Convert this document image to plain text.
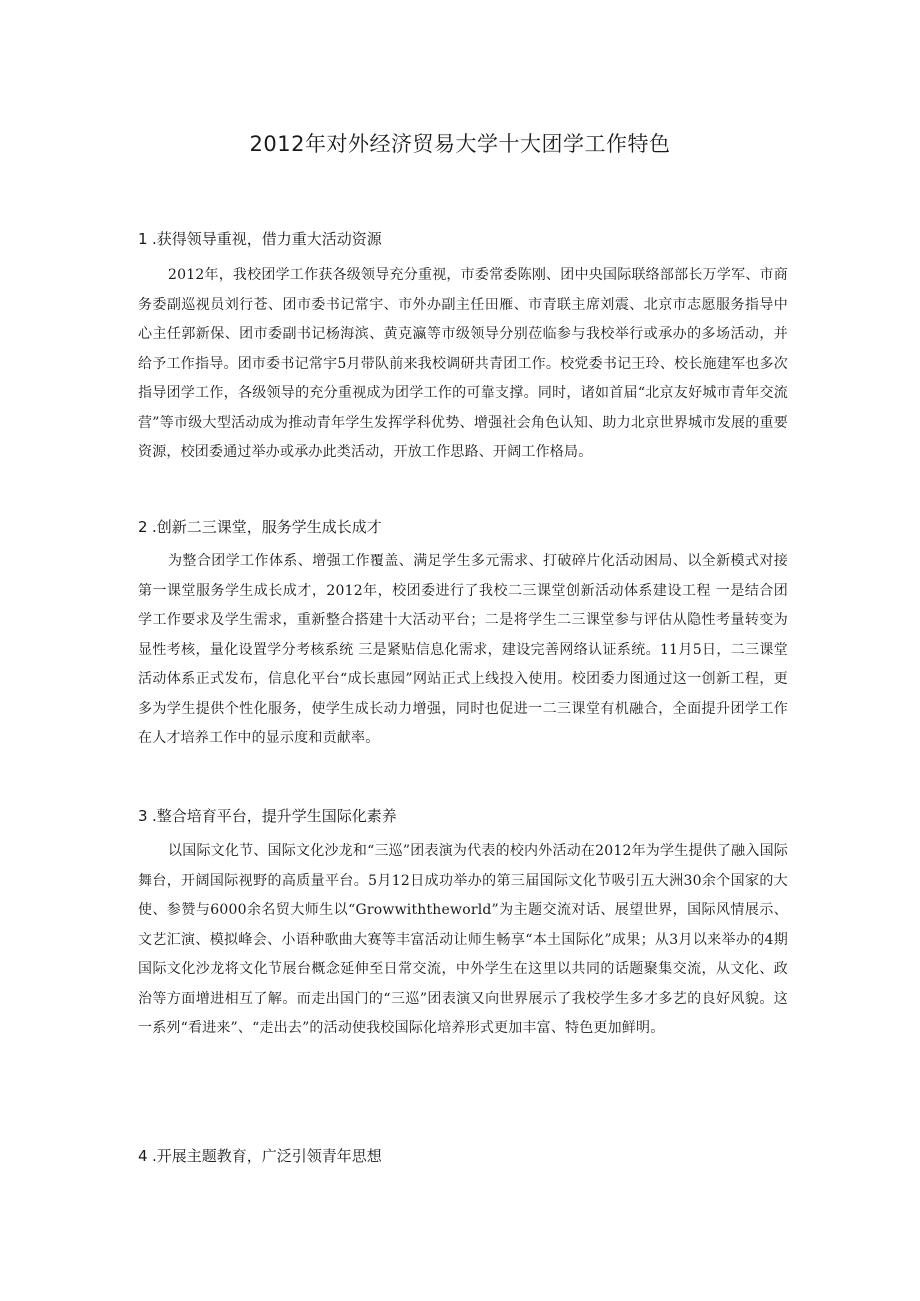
2012年对外经济贸易大学十大团学工作特色
1 .获得领导重视，借力重大活动资源
2012年，我校团学工作获各级领导充分重视，市委常委陈刚、团中央国际联络部部长万学军、市商务委副巡视员刘行苍、团市委书记常宇、市外办副主任田雁、市青联主席刘震、北京市志愿服务指导中心主任郭新保、团市委副书记杨海滨、黄克瀛等市级领导分别莅临参与我校举行或承办的多场活动，并给予工作指导。团市委书记常宇5月带队前来我校调研共青团工作。校党委书记王玲、校长施建军也多次指导团学工作，各级领导的充分重视成为团学工作的可靠支撑。同时，诸如首届“北京友好城市青年交流营”等市级大型活动成为推动青年学生发挥学科优势、增强社会角色认知、助力北京世界城市发展的重要资源，校团委通过举办或承办此类活动，开放工作思路、开阔工作格局。
2 .创新二三课堂，服务学生成长成才
为整合团学工作体系、增强工作覆盖、满足学生多元需求、打破碎片化活动困局、以全新模式对接第一课堂服务学生成长成才，2012年，校团委进行了我校二三课堂创新活动体系建设工程 一是结合团学工作要求及学生需求，重新整合搭建十大活动平台；二是将学生二三课堂参与评估从隐性考量转变为显性考核，量化设置学分考核系统 三是紧贴信息化需求，建设完善网络认证系统。11月5日，二三课堂活动体系正式发布，信息化平台“成长惠园”网站正式上线投入使用。校团委力图通过这一创新工程，更多为学生提供个性化服务，使学生成长动力增强，同时也促进一二三课堂有机融合，全面提升团学工作在人才培养工作中的显示度和贡献率。
3 .整合培育平台，提升学生国际化素养
以国际文化节、国际文化沙龙和“三巡”团表演为代表的校内外活动在2012年为学生提供了融入国际舞台，开阔国际视野的高质量平台。5月12日成功举办的第三届国际文化节吸引五大洲30余个国家的大使、参赞与6000余名贸大师生以“Growwiththeworld”为主题交流对话、展望世界，国际风情展示、文艺汇演、模拟峰会、小语种歌曲大赛等丰富活动让师生畅享“本土国际化”成果；从3月以来举办的4期国际文化沙龙将文化节展台概念延伸至日常交流，中外学生在这里以共同的话题聚集交流，从文化、政治等方面增进相互了解。而走出国门的“三巡”团表演又向世界展示了我校学生多才多艺的良好风貌。这一系列“看进来”、“走出去”的活动使我校国际化培养形式更加丰富、特色更加鲜明。
4 .开展主题教育，广泛引领青年思想
